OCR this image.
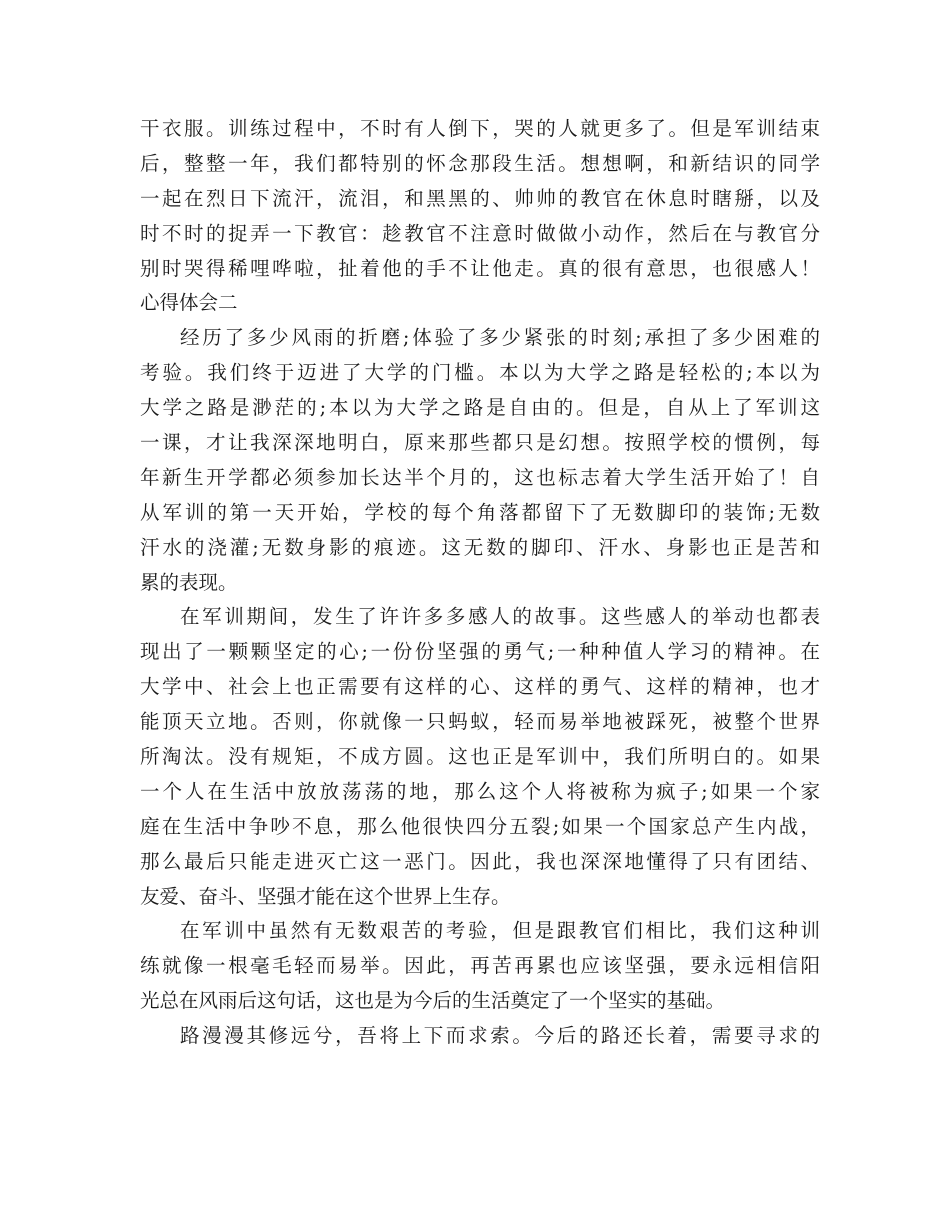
干衣服。训练过程中，不时有人倒下，哭的人就更多了。但是军训结束
后，整整一年，我们都特别的怀念那段生活。想想啊，和新结识的同学
一起在烈日下流汗，流泪，和黑黑的、帅帅的教官在休息时瞎掰，以及
时不时的捉弄一下教官：趁教官不注意时做做小动作，然后在与教官分
别时哭得稀哩哗啦，扯着他的手不让他走。真的很有意思，也很感人！
心得体会二
经历了多少风雨的折磨;体验了多少紧张的时刻;承担了多少困难的
考验。我们终于迈进了大学的门槛。本以为大学之路是轻松的;本以为
大学之路是渺茫的;本以为大学之路是自由的。但是，自从上了军训这
一课，才让我深深地明白，原来那些都只是幻想。按照学校的惯例，每
年新生开学都必须参加长达半个月的，这也标志着大学生活开始了！自
从军训的第一天开始，学校的每个角落都留下了无数脚印的装饰;无数
汗水的浇灌;无数身影的痕迹。这无数的脚印、汗水、身影也正是苦和
累的表现。
在军训期间，发生了许许多多感人的故事。这些感人的举动也都表
现出了一颗颗坚定的心;一份份坚强的勇气;一种种值人学习的精神。在
大学中、社会上也正需要有这样的心、这样的勇气、这样的精神，也才
能顶天立地。否则，你就像一只蚂蚁，轻而易举地被踩死，被整个世界
所淘汰。没有规矩，不成方圆。这也正是军训中，我们所明白的。如果
一个人在生活中放放荡荡的地，那么这个人将被称为疯子;如果一个家
庭在生活中争吵不息，那么他很快四分五裂;如果一个国家总产生内战，
那么最后只能走进灭亡这一恶门。因此，我也深深地懂得了只有团结、
友爱、奋斗、坚强才能在这个世界上生存。
在军训中虽然有无数艰苦的考验，但是跟教官们相比，我们这种训
练就像一根毫毛轻而易举。因此，再苦再累也应该坚强，要永远相信阳
光总在风雨后这句话，这也是为今后的生活奠定了一个坚实的基础。
路漫漫其修远兮，吾将上下而求索。今后的路还长着，需要寻求的
